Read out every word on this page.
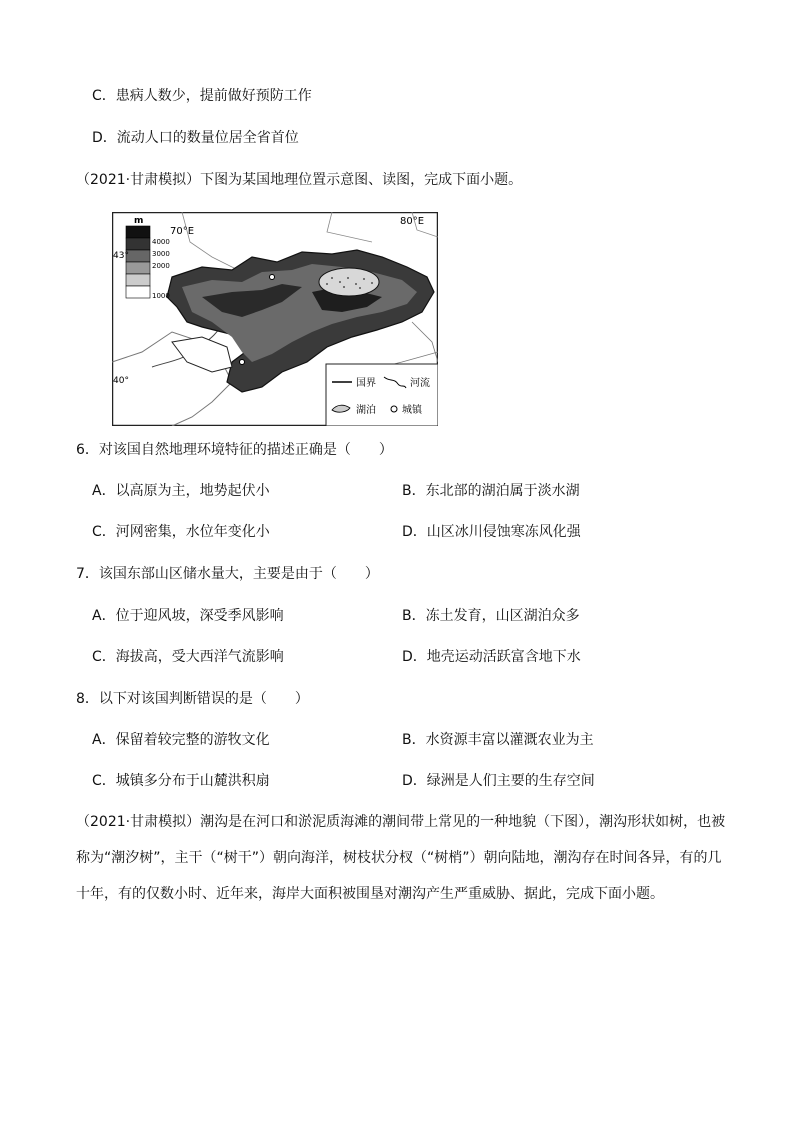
C．患病人数少，提前做好预防工作
D．流动人口的数量位居全省首位
（2021·甘肃模拟）下图为某国地理位置示意图、读图，完成下面小题。
m
4000
3000
2000
1000
70°E
80°E
43°
40°	国界	河流
湖泊	城镇
6．对该国自然地理环境特征的描述正确是（　　）
A．以高原为主，地势起伏小	B．东北部的湖泊属于淡水湖
C．河网密集，水位年变化小	D．山区冰川侵蚀寒冻风化强
7．该国东部山区储水量大，主要是由于（　　）
A．位于迎风坡，深受季风影响	B．冻土发育，山区湖泊众多
C．海拔高，受大西洋气流影响	D．地壳运动活跃富含地下水
8．以下对该国判断错误的是（　　）
A．保留着较完整的游牧文化	B．水资源丰富以灌溉农业为主
C．城镇多分布于山麓洪积扇	D．绿洲是人们主要的生存空间
（2021·甘肃模拟）潮沟是在河口和淤泥质海滩的潮间带上常见的一种地貌（下图），潮沟形状如树，也被称为“潮汐树”，主干（“树干”）朝向海洋，树枝状分杈（“树梢”）朝向陆地，潮沟存在时间各异，有的几十年，有的仅数小时、近年来，海岸大面积被围垦对潮沟产生严重威胁、据此，完成下面小题。
